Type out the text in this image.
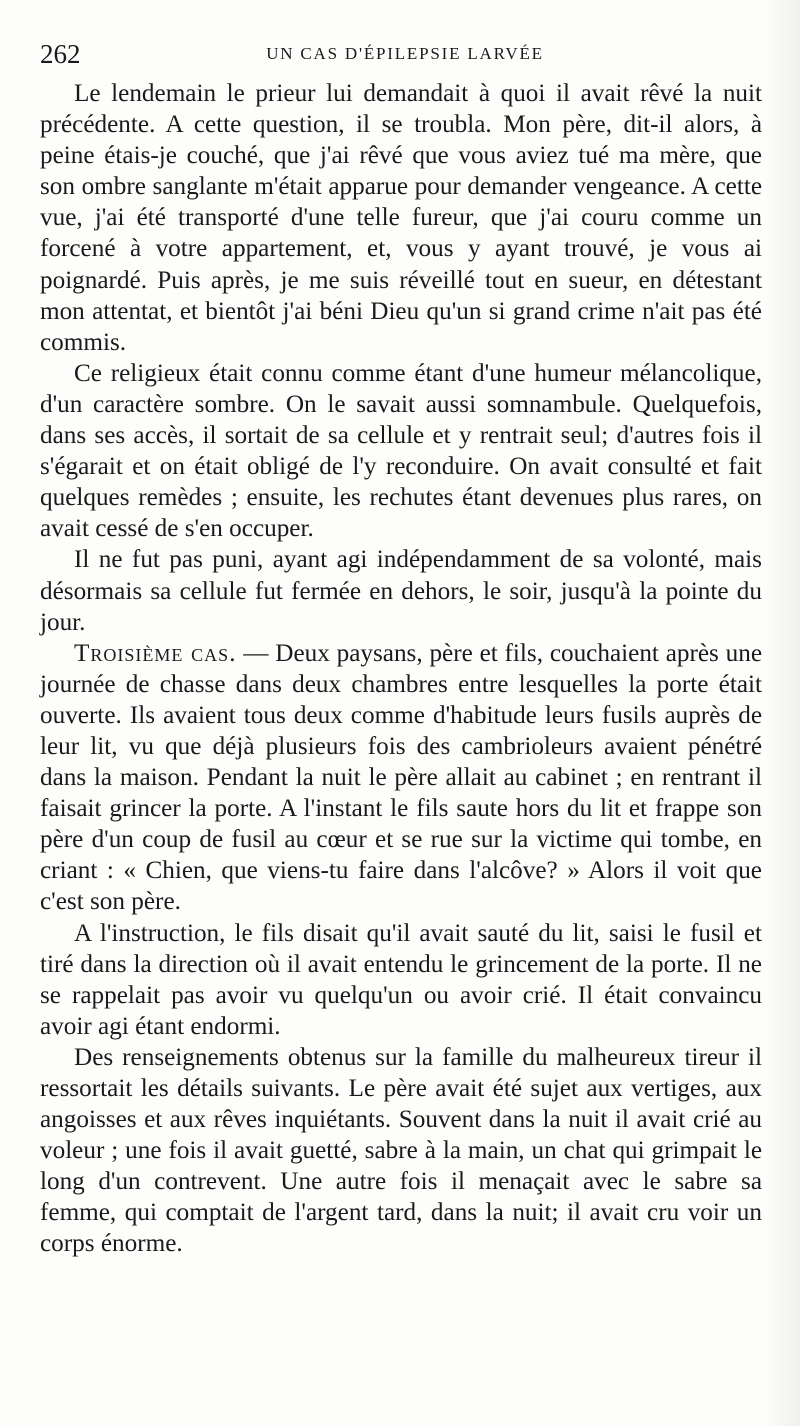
UN CAS D'ÉPILEPSIE LARVÉE
262

Le lendemain le prieur lui demandait à quoi il avait rêvé la nuit précédente. A cette question, il se troubla. Mon père, dit-il alors, à peine étais-je couché, que j'ai rêvé que vous aviez tué ma mère, que son ombre sanglante m'était apparue pour demander vengeance. A cette vue, j'ai été transporté d'une telle fureur, que j'ai couru comme un forcené à votre appartement, et, vous y ayant trouvé, je vous ai poignardé. Puis après, je me suis réveillé tout en sueur, en détestant mon attentat, et bientôt j'ai béni Dieu qu'un si grand crime n'ait pas été commis.

Ce religieux était connu comme étant d'une humeur mélancolique, d'un caractère sombre. On le savait aussi somnambule. Quelquefois, dans ses accès, il sortait de sa cellule et y rentrait seul; d'autres fois il s'égarait et on était obligé de l'y reconduire. On avait consulté et fait quelques remèdes ; ensuite, les rechutes étant devenues plus rares, on avait cessé de s'en occuper.

Il ne fut pas puni, ayant agi indépendamment de sa volonté, mais désormais sa cellule fut fermée en dehors, le soir, jusqu'à la pointe du jour.

Troisième cas. — Deux paysans, père et fils, couchaient après une journée de chasse dans deux chambres entre lesquelles la porte était ouverte. Ils avaient tous deux comme d'habitude leurs fusils auprès de leur lit, vu que déjà plusieurs fois des cambrioleurs avaient pénétré dans la maison. Pendant la nuit le père allait au cabinet ; en rentrant il faisait grincer la porte. A l'instant le fils saute hors du lit et frappe son père d'un coup de fusil au cœur et se rue sur la victime qui tombe, en criant : « Chien, que viens-tu faire dans l'alcôve? » Alors il voit que c'est son père.

A l'instruction, le fils disait qu'il avait sauté du lit, saisi le fusil et tiré dans la direction où il avait entendu le grincement de la porte. Il ne se rappelait pas avoir vu quelqu'un ou avoir crié. Il était convaincu avoir agi étant endormi.

Des renseignements obtenus sur la famille du malheureux tireur il ressortait les détails suivants. Le père avait été sujet aux vertiges, aux angoisses et aux rêves inquiétants. Souvent dans la nuit il avait crié au voleur ; une fois il avait guetté, sabre à la main, un chat qui grimpait le long d'un contrevent. Une autre fois il menaçait avec le sabre sa femme, qui comptait de l'argent tard, dans la nuit; il avait cru voir un corps énorme.
